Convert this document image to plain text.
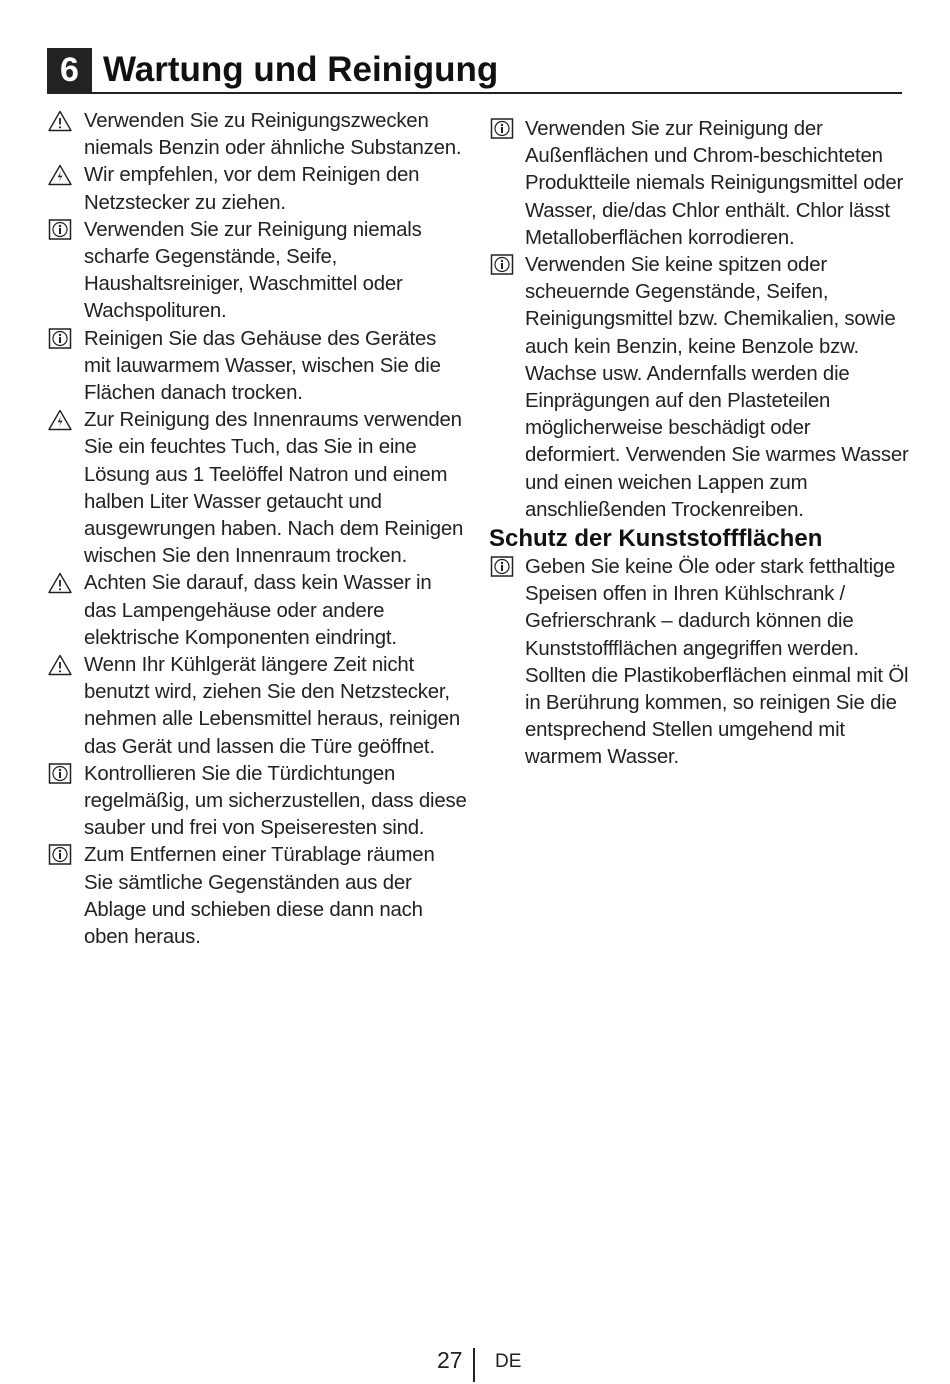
6 Wartung und Reinigung
Verwenden Sie zu Reinigungszwecken niemals Benzin oder ähnliche Substanzen.
Wir empfehlen, vor dem Reinigen den Netzstecker zu ziehen.
Verwenden Sie zur Reinigung niemals scharfe Gegenstände, Seife, Haushaltsreiniger, Waschmittel oder Wachspolituren.
Reinigen Sie das Gehäuse des Gerätes mit lauwarmem Wasser, wischen Sie die Flächen danach trocken.
Zur Reinigung des Innenraums verwenden Sie ein feuchtes Tuch, das Sie in eine Lösung aus 1 Teelöffel Natron und einem halben Liter Wasser getaucht und ausgewrungen haben. Nach dem Reinigen wischen Sie den Innenraum trocken.
Achten Sie darauf, dass kein Wasser in das Lampengehäuse oder andere elektrische Komponenten eindringt.
Wenn Ihr Kühlgerät längere Zeit nicht benutzt wird, ziehen Sie den Netzstecker, nehmen alle Lebensmittel heraus, reinigen das Gerät und lassen die Türe geöffnet.
Kontrollieren Sie die Türdichtungen regelmäßig, um sicherzustellen, dass diese sauber und frei von Speiseresten sind.
Zum Entfernen einer Türablage räumen Sie sämtliche Gegenständen aus der Ablage und schieben diese dann nach oben heraus.
Verwenden Sie zur Reinigung der Außenflächen und Chrom-beschichteten Produktteile niemals Reinigungsmittel oder Wasser, die/das Chlor enthält. Chlor lässt Metalloberflächen korrodieren.
Verwenden Sie keine spitzen oder scheuernde Gegenstände, Seifen, Reinigungsmittel bzw. Chemikalien, sowie auch kein Benzin, keine Benzole bzw. Wachse usw. Andernfalls werden die Einprägungen auf den Plasteteilen möglicherweise beschädigt oder deformiert. Verwenden Sie warmes Wasser und einen weichen Lappen zum anschließenden Trockenreiben.
Schutz der Kunststoffflächen
Geben Sie keine Öle oder stark fetthaltige Speisen offen in Ihren Kühlschrank / Gefrierschrank – dadurch können die Kunststoffflächen angegriffen werden. Sollten die Plastikoberflächen einmal mit Öl in Berührung kommen, so reinigen Sie die entsprechend Stellen umgehend mit warmem Wasser.
27 DE
